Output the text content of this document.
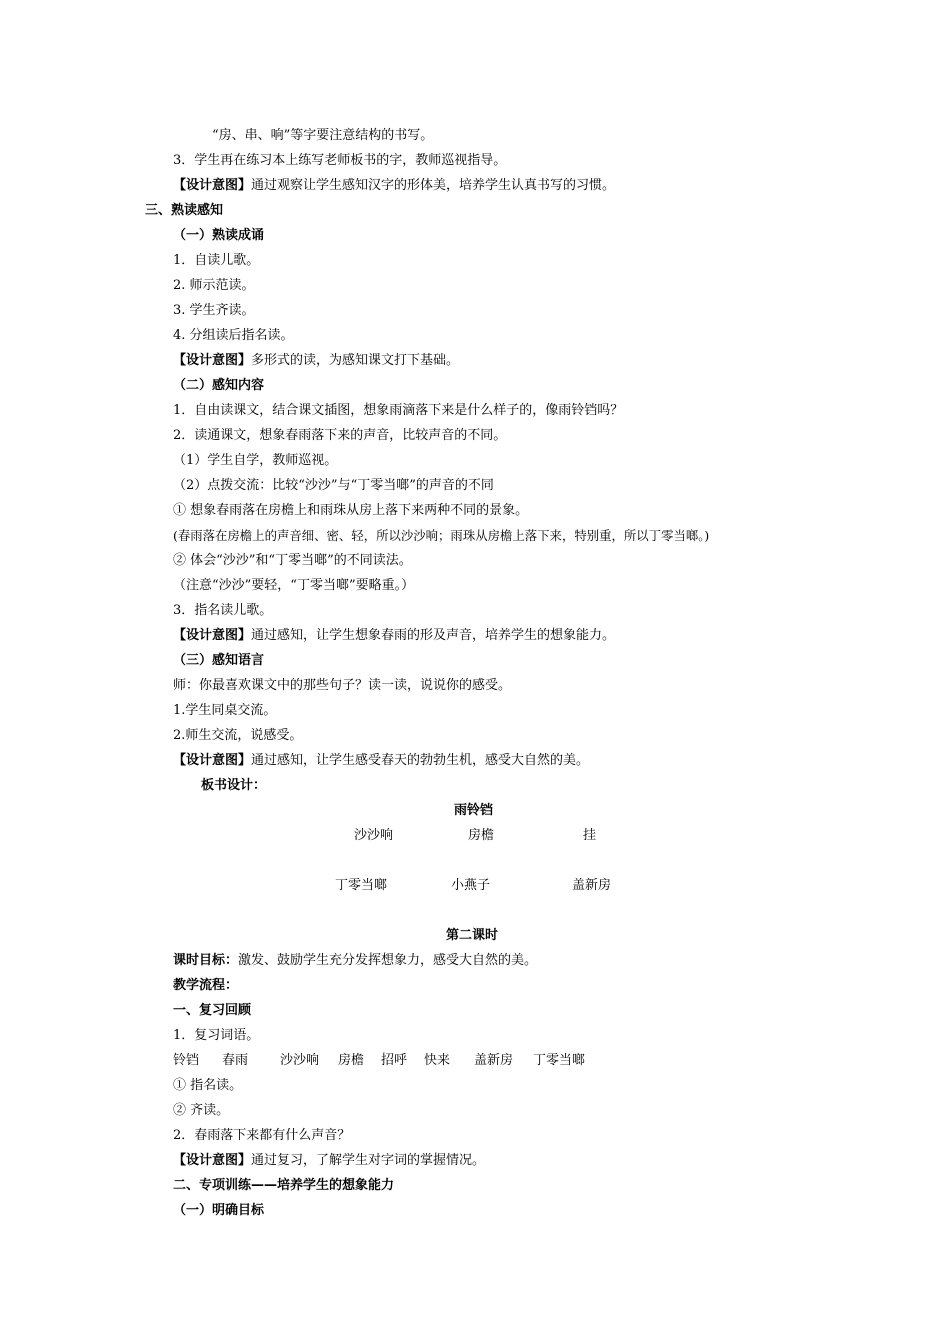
“房、串、响”等字要注意结构的书写。
3．学生再在练习本上练写老师板书的字，教师巡视指导。
【设计意图】通过观察让学生感知汉字的形体美，培养学生认真书写的习惯。
三、熟读感知
（一）熟读成诵
1．自读儿歌。
2. 师示范读。
3. 学生齐读。
4. 分组读后指名读。
【设计意图】多形式的读，为感知课文打下基础。
（二）感知内容
1．自由读课文，结合课文插图，想象雨滴落下来是什么样子的，像雨铃铛吗？
2．读通课文，想象春雨落下来的声音，比较声音的不同。
（1）学生自学，教师巡视。
（2）点拨交流：比较“沙沙”与“丁零当啷”的声音的不同
① 想象春雨落在房檐上和雨珠从房上落下来两种不同的景象。
(春雨落在房檐上的声音细、密、轻，所以沙沙响；雨珠从房檐上落下来，特别重，所以丁零当啷。)
② 体会“沙沙”和“丁零当啷”的不同读法。
（注意“沙沙”要轻，“丁零当啷”要略重。）
3．指名读儿歌。
【设计意图】通过感知，让学生想象春雨的形及声音，培养学生的想象能力。
（三）感知语言
师：你最喜欢课文中的那些句子？读一读，说说你的感受。
1.学生同桌交流。
2.师生交流，说感受。
【设计意图】通过感知，让学生感受春天的勃勃生机，感受大自然的美。
板书设计：
雨铃铛
沙沙响	房檐	挂
丁零当啷	小燕子	盖新房
第二课时
课时目标：激发、鼓励学生充分发挥想象力，感受大自然的美。
教学流程：
一、复习回顾
1．复习词语。
铃铛 春雨 沙沙响 房檐 招呼 快来 盖新房 丁零当啷
① 指名读。
② 齐读。
2．春雨落下来都有什么声音？
【设计意图】通过复习，了解学生对字词的掌握情况。
二、专项训练——培养学生的想象能力
（一）明确目标
